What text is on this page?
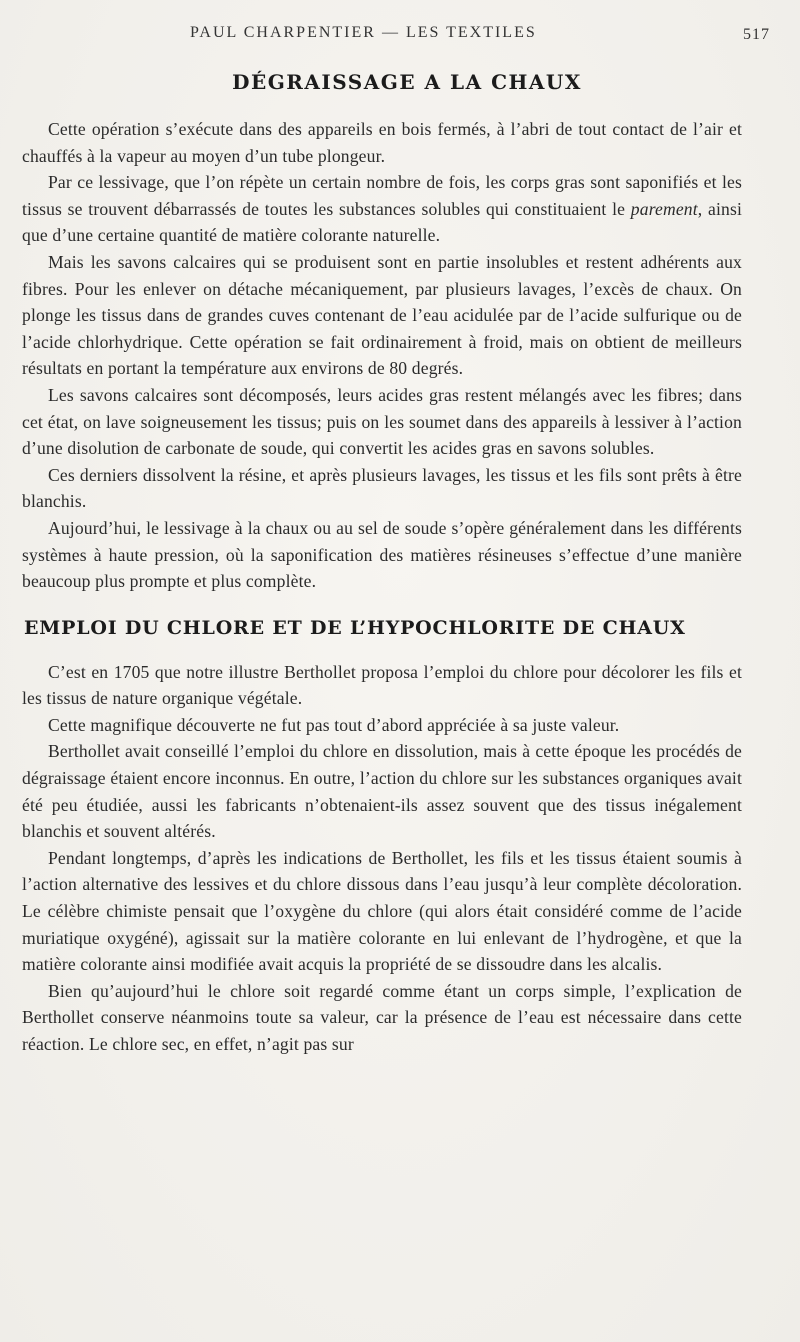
PAUL CHARPENTIER — LES TEXTILES	517
DÉGRAISSAGE A LA CHAUX

Cette opération s’exécute dans des appareils en bois fermés, à l’abri de tout contact de l’air et chauffés à la vapeur au moyen d’un tube plongeur.

Par ce lessivage, que l’on répète un certain nombre de fois, les corps gras sont saponifiés et les tissus se trouvent débarrassés de toutes les substances solubles qui constituaient le parement, ainsi que d’une certaine quantité de matière colorante naturelle.

Mais les savons calcaires qui se produisent sont en partie insolubles et restent adhérents aux fibres. Pour les enlever on détache mécaniquement, par plusieurs lavages, l’excès de chaux. On plonge les tissus dans de grandes cuves contenant de l’eau acidulée par de l’acide sulfurique ou de l’acide chlorhydrique. Cette opération se fait ordinairement à froid, mais on obtient de meilleurs résultats en portant la température aux environs de 80 degrés.

Les savons calcaires sont décomposés, leurs acides gras restent mélangés avec les fibres; dans cet état, on lave soigneusement les tissus; puis on les soumet dans des appareils à lessiver à l’action d’une disolution de carbonate de soude, qui convertit les acides gras en savons solubles.

Ces derniers dissolvent la résine, et après plusieurs lavages, les tissus et les fils sont prêts à être blanchis.

Aujourd’hui, le lessivage à la chaux ou au sel de soude s’opère généralement dans les différents systèmes à haute pression, où la saponification des matières résineuses s’effectue d’une manière beaucoup plus prompte et plus complète.

EMPLOI DU CHLORE ET DE L’HYPOCHLORITE DE CHAUX

C’est en 1705 que notre illustre Berthollet proposa l’emploi du chlore pour décolorer les fils et les tissus de nature organique végétale.

Cette magnifique découverte ne fut pas tout d’abord appréciée à sa juste valeur.

Berthollet avait conseillé l’emploi du chlore en dissolution, mais à cette époque les procédés de dégraissage étaient encore inconnus. En outre, l’action du chlore sur les substances organiques avait été peu étudiée, aussi les fabricants n’obtenaient-ils assez souvent que des tissus inégalement blanchis et souvent altérés.

Pendant longtemps, d’après les indications de Berthollet, les fils et les tissus étaient soumis à l’action alternative des lessives et du chlore dissous dans l’eau jusqu’à leur complète décoloration. Le célèbre chimiste pensait que l’oxygène du chlore (qui alors était considéré comme de l’acide muriatique oxygéné), agissait sur la matière colorante en lui enlevant de l’hydrogène, et que la matière colorante ainsi modifiée avait acquis la propriété de se dissoudre dans les alcalis.

Bien qu’aujourd’hui le chlore soit regardé comme étant un corps simple, l’explication de Berthollet conserve néanmoins toute sa valeur, car la présence de l’eau est nécessaire dans cette réaction. Le chlore sec, en effet, n’agit pas sur
